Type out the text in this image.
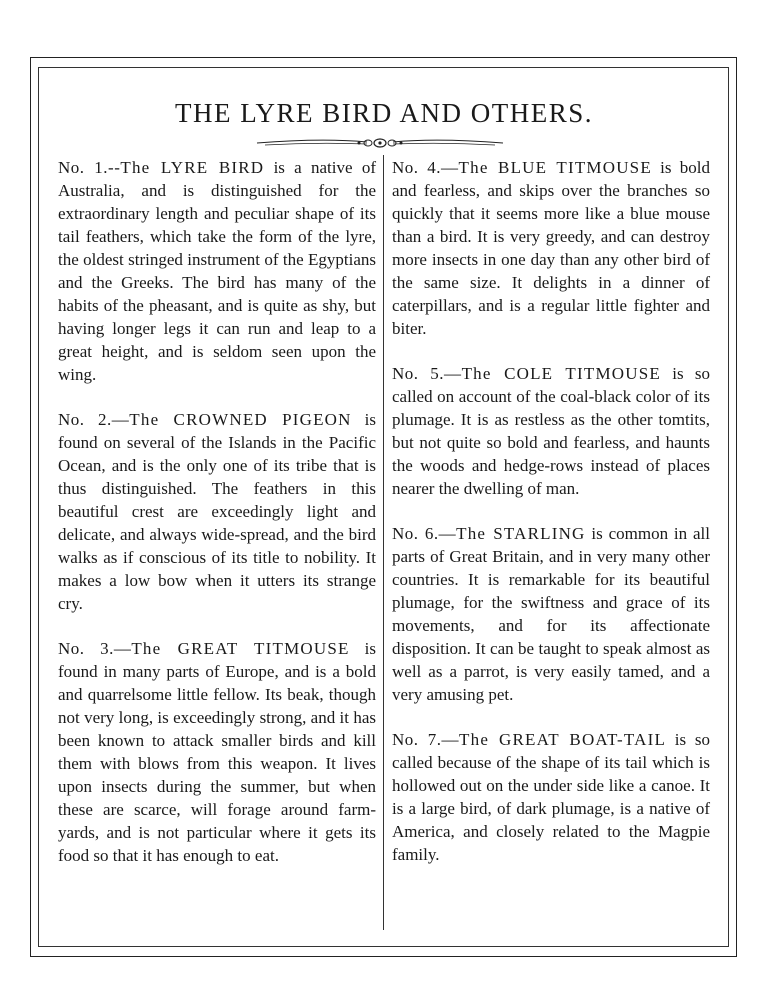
THE LYRE BIRD AND OTHERS.

No. 1.--The LYRE BIRD is a native of Australia, and is distinguished for the extraordinary length and peculiar shape of its tail feathers, which take the form of the lyre, the oldest stringed instrument of the Egyptians and the Greeks. The bird has many of the habits of the pheasant, and is quite as shy, but having longer legs it can run and leap to a great height, and is seldom seen upon the wing.

No. 2.—The CROWNED PIGEON is found on several of the Islands in the Pacific Ocean, and is the only one of its tribe that is thus distinguished. The feathers in this beautiful crest are exceedingly light and delicate, and always wide-spread, and the bird walks as if conscious of its title to nobility. It makes a low bow when it utters its strange cry.

No. 3.—The GREAT TITMOUSE is found in many parts of Europe, and is a bold and quarrelsome little fellow. Its beak, though not very long, is exceedingly strong, and it has been known to attack smaller birds and kill them with blows from this weapon. It lives upon insects during the summer, but when these are scarce, will forage around farm-yards, and is not particular where it gets its food so that it has enough to eat.

No. 4.—The BLUE TITMOUSE is bold and fearless, and skips over the branches so quickly that it seems more like a blue mouse than a bird. It is very greedy, and can destroy more insects in one day than any other bird of the same size. It delights in a dinner of caterpillars, and is a regular little fighter and biter.

No. 5.—The COLE TITMOUSE is so called on account of the coal-black color of its plumage. It is as restless as the other tomtits, but not quite so bold and fearless, and haunts the woods and hedge-rows instead of places nearer the dwelling of man.

No. 6.—The STARLING is common in all parts of Great Britain, and in very many other countries. It is remarkable for its beautiful plumage, for the swiftness and grace of its movements, and for its affectionate disposition. It can be taught to speak almost as well as a parrot, is very easily tamed, and a very amusing pet.

No. 7.—The GREAT BOAT-TAIL is so called because of the shape of its tail which is hollowed out on the under side like a canoe. It is a large bird, of dark plumage, is a native of America, and closely related to the Magpie family.
